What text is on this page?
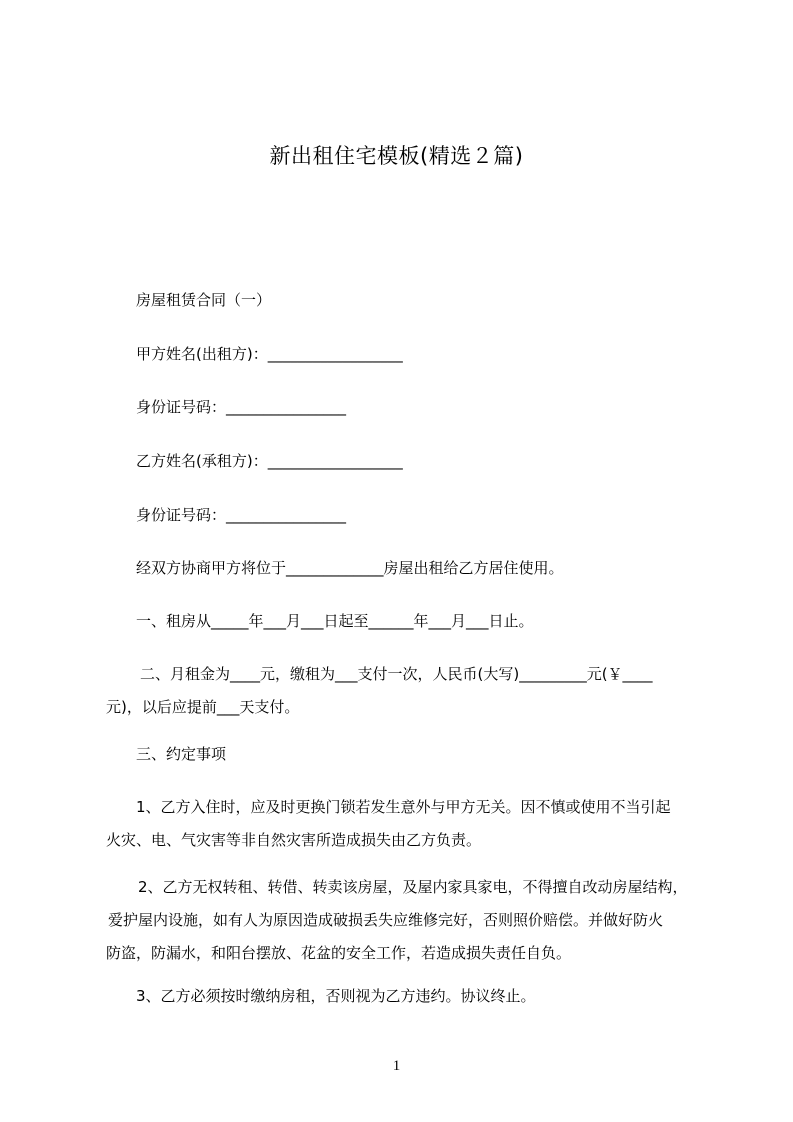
新出租住宅模板(精选２篇)
房屋租赁合同（一）
甲方姓名(出租方)：__________________
身份证号码：________________
乙方姓名(承租方)：__________________
身份证号码：________________
经双方协商甲方将位于_____________房屋出租给乙方居住使用。
一、租房从_____年___月___日起至______年___月___日止。
二、月租金为____元，缴租为___支付一次，人民币(大写)_________元(￥____
元)，以后应提前___天支付。
三、约定事项
1、乙方入住时，应及时更换门锁若发生意外与甲方无关。因不慎或使用不当引起
火灾、电、气灾害等非自然灾害所造成损失由乙方负责。
2、乙方无权转租、转借、转卖该房屋，及屋内家具家电，不得擅自改动房屋结构，
爱护屋内设施，如有人为原因造成破损丢失应维修完好，否则照价赔偿。并做好防火
防盗，防漏水，和阳台摆放、花盆的安全工作，若造成损失责任自负。
3、乙方必须按时缴纳房租，否则视为乙方违约。协议终止。
1
